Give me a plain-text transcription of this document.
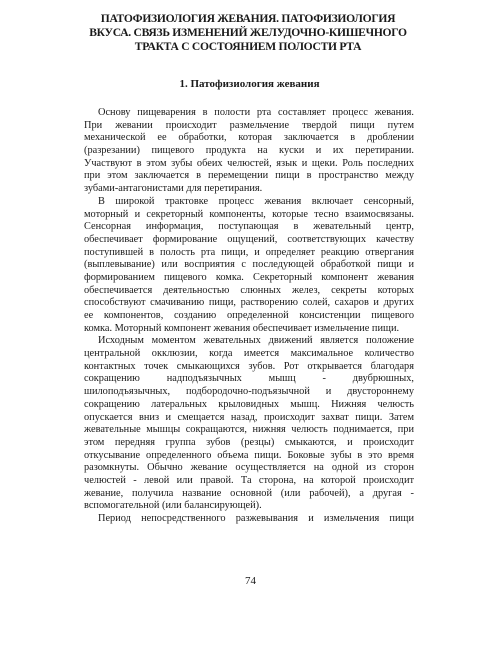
ПАТОФИЗИОЛОГИЯ ЖЕВАНИЯ. ПАТОФИЗИОЛОГИЯ
ВКУСА. СВЯЗЬ ИЗМЕНЕНИЙ ЖЕЛУДОЧНО-КИШЕЧНОГО
ТРАКТА С СОСТОЯНИЕМ ПОЛОСТИ РТА
1. Патофизиология жевания
Основу пищеварения в полости рта составляет процесс жевания.
При жевании происходит размельчение твердой пищи путем
механической ее обработки, которая заключается в дроблении
(разрезании) пищевого продукта на куски и их перетирании.
Участвуют в этом зубы обеих челюстей, язык и щеки. Роль последних
при этом заключается в перемещении пищи в пространство между
зубами-антагонистами для перетирания.
В широкой трактовке процесс жевания включает сенсорный,
моторный и секреторный компоненты, которые тесно взаимосвязаны.
Сенсорная информация, поступающая в жевательный центр,
обеспечивает формирование ощущений, соответствующих качеству
поступившей в полость рта пищи, и определяет реакцию отвергания
(выплевывание) или восприятия с последующей обработкой пищи и
формированием пищевого комка. Секреторный компонент жевания
обеспечивается деятельностью слюнных желез, секреты которых
способствуют смачиванию пищи, растворению солей, сахаров и других
ее компонентов, созданию определенной консистенции пищевого
комка. Моторный компонент жевания обеспечивает измельчение пищи.
Исходным моментом жевательных движений является положение
центральной окклюзии, когда имеется максимальное количество
контактных точек смыкающихся зубов. Рот открывается благодаря
сокращению надподъязычных мышц - двубрюшных,
шилоподъязычных, подбородочно-подъязычной и двустороннему
сокращению латеральных крыловидных мышц. Нижняя челюсть
опускается вниз и смещается назад, происходит захват пищи. Затем
жевательные мышцы сокращаются, нижняя челюсть поднимается, при
этом передняя группа зубов (резцы) смыкаются, и происходит
откусывание определенного объема пищи. Боковые зубы в это время
разомкнуты. Обычно жевание осуществляется на одной из сторон
челюстей - левой или правой. Та сторона, на которой происходит
жевание, получила название основной (или рабочей), а другая -
вспомогательной (или балансирующей).
Период непосредственного разжевывания и измельчения пищи
74
